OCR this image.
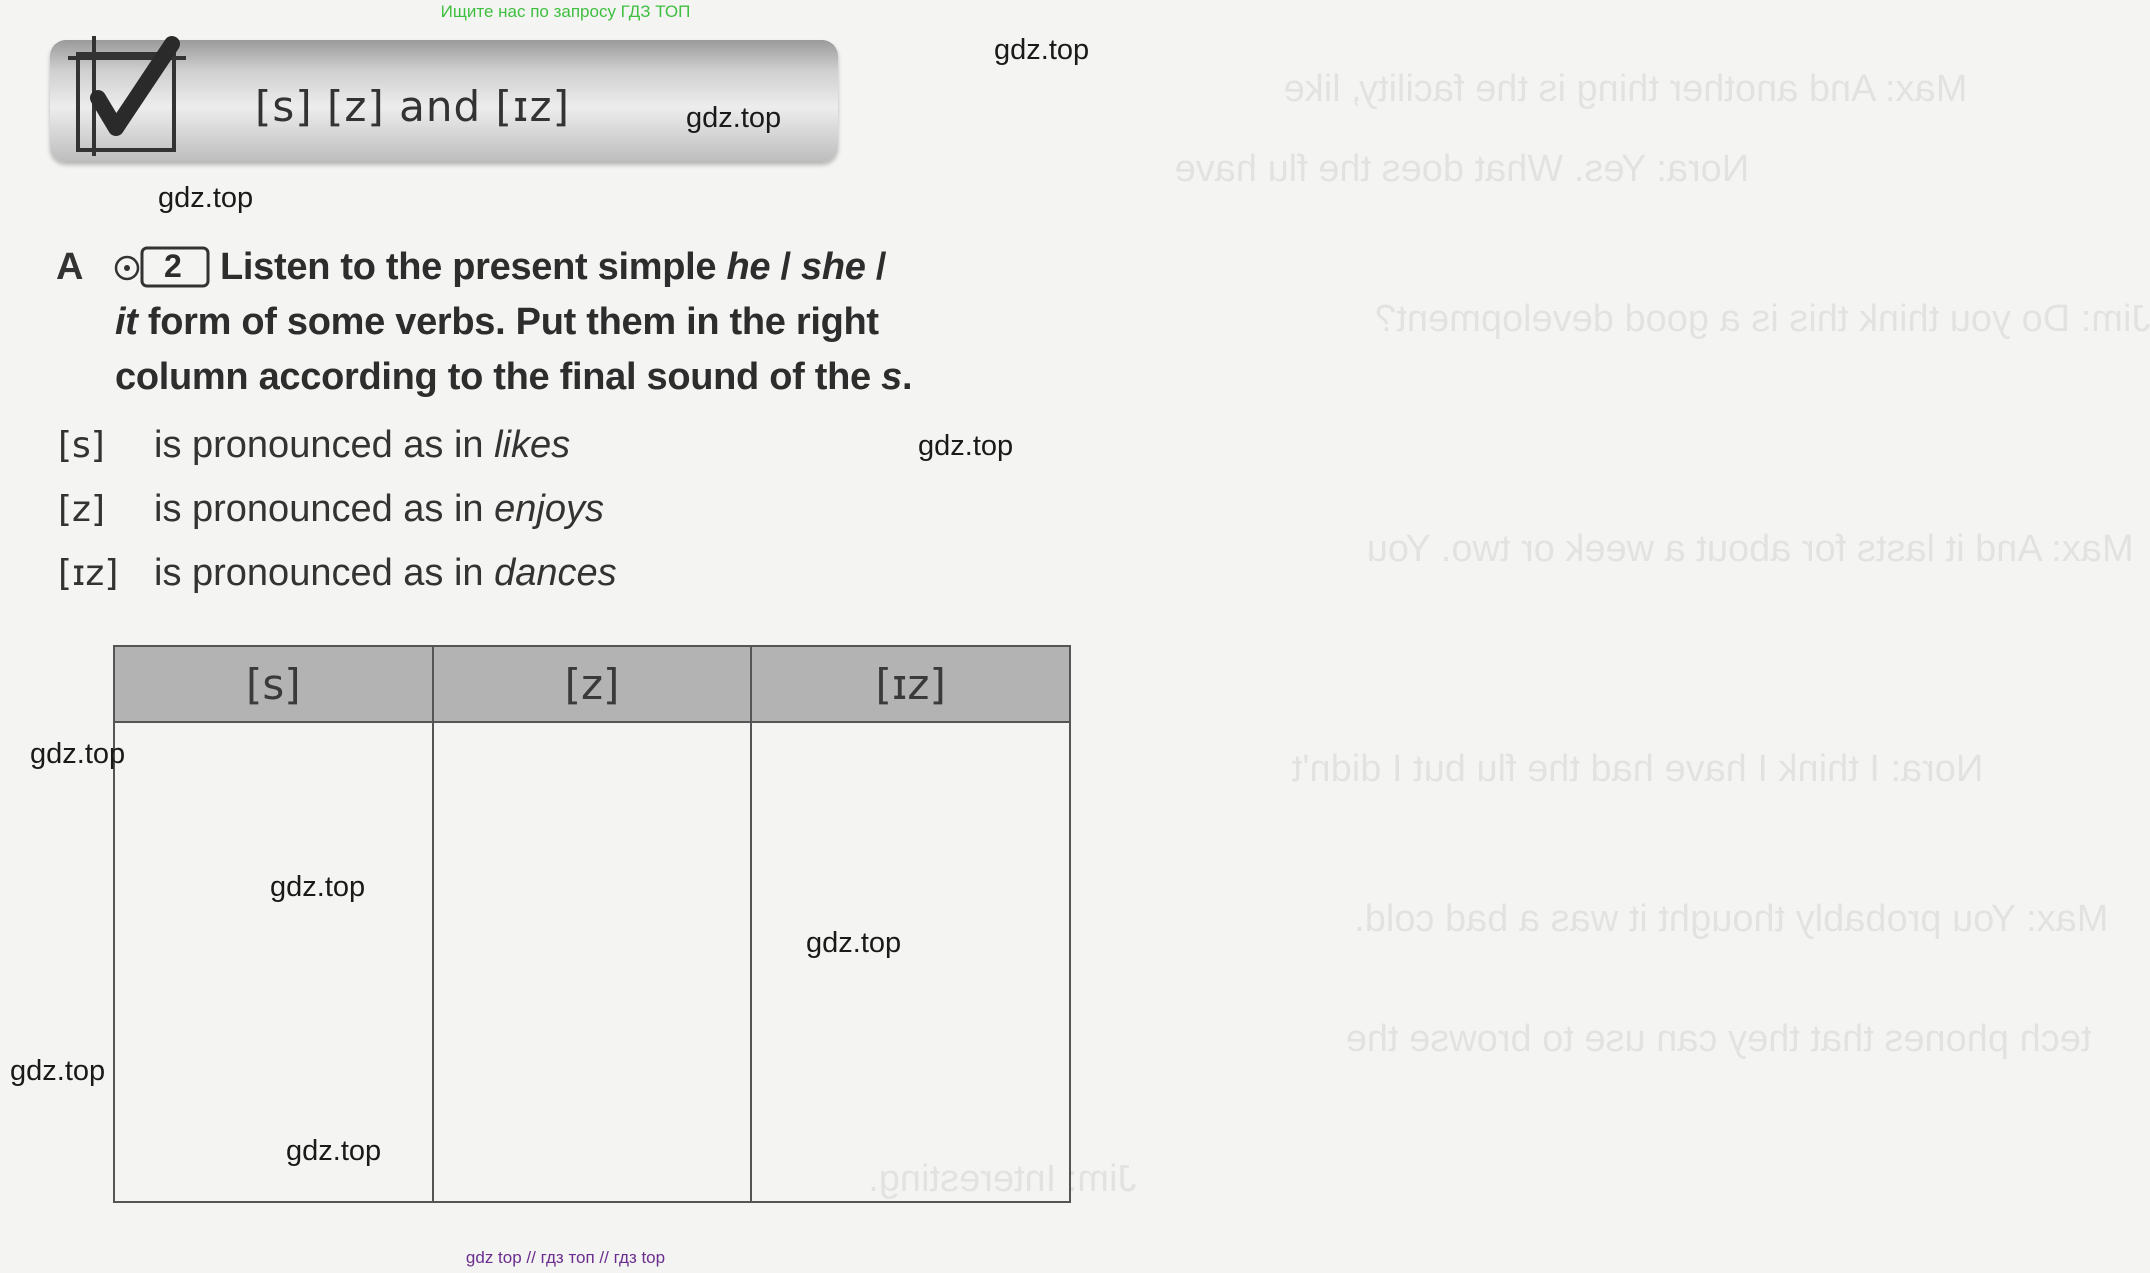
Ищите нас по запросу ГДЗ ТОП
Max: And another thing is the facility, like
Nora: Yes. What does the flu have
Jim: Do you think this is a good development?
Max: And it lasts for about a week or two. You
Nora: I think I have had the flu but I didn't
Max: You probably thought it was a bad cold.
tech phones that they can use to browse the
Jim: Interesting.
[s] [z] and [ɪz]
gdz.top
gdz.top
gdz.top
gdz.top
A	2 Listen to the present simple he / she /
it form of some verbs. Put them in the right
column according to the final sound of the s.
[s] is pronounced as in likes
[z] is pronounced as in enjoys
[ɪz] is pronounced as in dances
[s]	[z]	[ɪz]

gdz.top
gdz.top
gdz.top
gdz.top
gdz.top
gdz top // гдз топ // гдз top
